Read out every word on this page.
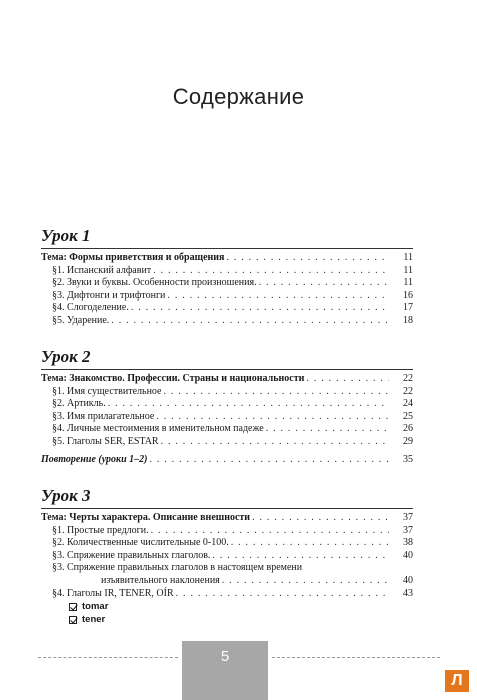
Содержание
Урок 1
Тема: Формы приветствия и обращения . . .	11
§1. Испанский алфавит . . .	11
§2. Звуки и буквы. Особенности произношения. . . .	11
§3. Дифтонги и трифтонги . . .	16
§4. Слогоделение. . . .	17
§5. Ударение. . . .	18
Урок 2
Тема: Знакомство. Профессии. Страны и национальности . . .	22
§1. Имя существительное . . .	22
§2. Артикль. . . .	24
§3. Имя прилагательное . . .	25
§4. Личные местоимения в именительном падеже . . .	26
§5. Глаголы SER, ESTAR . . .	29
Повторение (уроки 1–2) . . .	35
Урок 3
Тема: Черты характера. Описание внешности . . .	37
§1. Простые предлоги. . . .	37
§2. Количественные числительные 0-100. . . .	38
§3. Спряжение правильных глаголов. . . .	40
§3. Спряжение правильных глаголов в настоящем времени
изъявительного наклонения . . .	40
§4. Глаголы IR, TENER, OÍR . . .	43
tomar
tener
5
Л
